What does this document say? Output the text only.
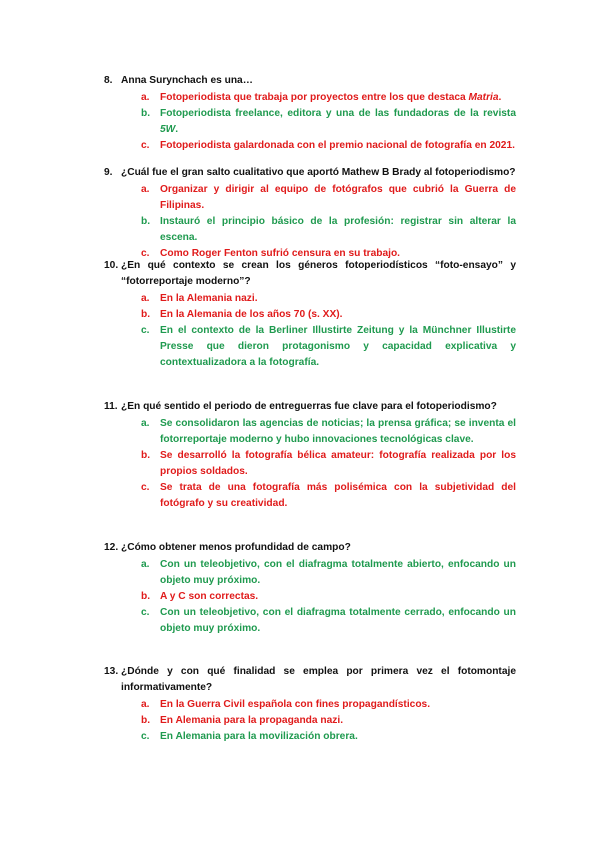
8. Anna Surynchach es una…
a.	Fotoperiodista que trabaja por proyectos entre los que destaca Matria.
b. Fotoperiodista freelance, editora y una de las fundadoras de la revista 5W.
c.	Fotoperiodista galardonada con el premio nacional de fotografía en 2021.
9. ¿Cuál fue el gran salto cualitativo que aportó Mathew B Brady al fotoperiodismo?
a.	Organizar y dirigir al equipo de fotógrafos que cubrió la Guerra de Filipinas.
b. Instauró el principio básico de la profesión: registrar sin alterar la escena.
c.	Como Roger Fenton sufrió censura en su trabajo.
10. ¿En qué contexto se crean los géneros fotoperiodísticos “foto-ensayo” y “fotorreportaje moderno”?
a.	En la Alemania nazi.
b. En la Alemania de los años 70 (s. XX).
c.	En el contexto de la Berliner Illustirte Zeitung y la Münchner Illustirte Presse que dieron protagonismo y capacidad explicativa y contextualizadora a la fotografía.
11. ¿En qué sentido el periodo de entreguerras fue clave para el fotoperiodismo?
a.	Se consolidaron las agencias de noticias; la prensa gráfica; se inventa el fotorreportaje moderno y hubo innovaciones tecnológicas clave.
b. Se desarrolló la fotografía bélica amateur: fotografía realizada por los propios soldados.
c.	Se trata de una fotografía más polisémica con la subjetividad del fotógrafo y su creatividad.
12. ¿Cómo obtener menos profundidad de campo?
a.	Con un teleobjetivo, con el diafragma totalmente abierto, enfocando un objeto muy próximo.
b. A y C son correctas.
c.	Con un teleobjetivo, con el diafragma totalmente cerrado, enfocando un objeto muy próximo.
13. ¿Dónde y con qué finalidad se emplea por primera vez el fotomontaje informativamente?
a.	En la Guerra Civil española con fines propagandísticos.
b. En Alemania para la propaganda nazi.
c.	En Alemania para la movilización obrera.
